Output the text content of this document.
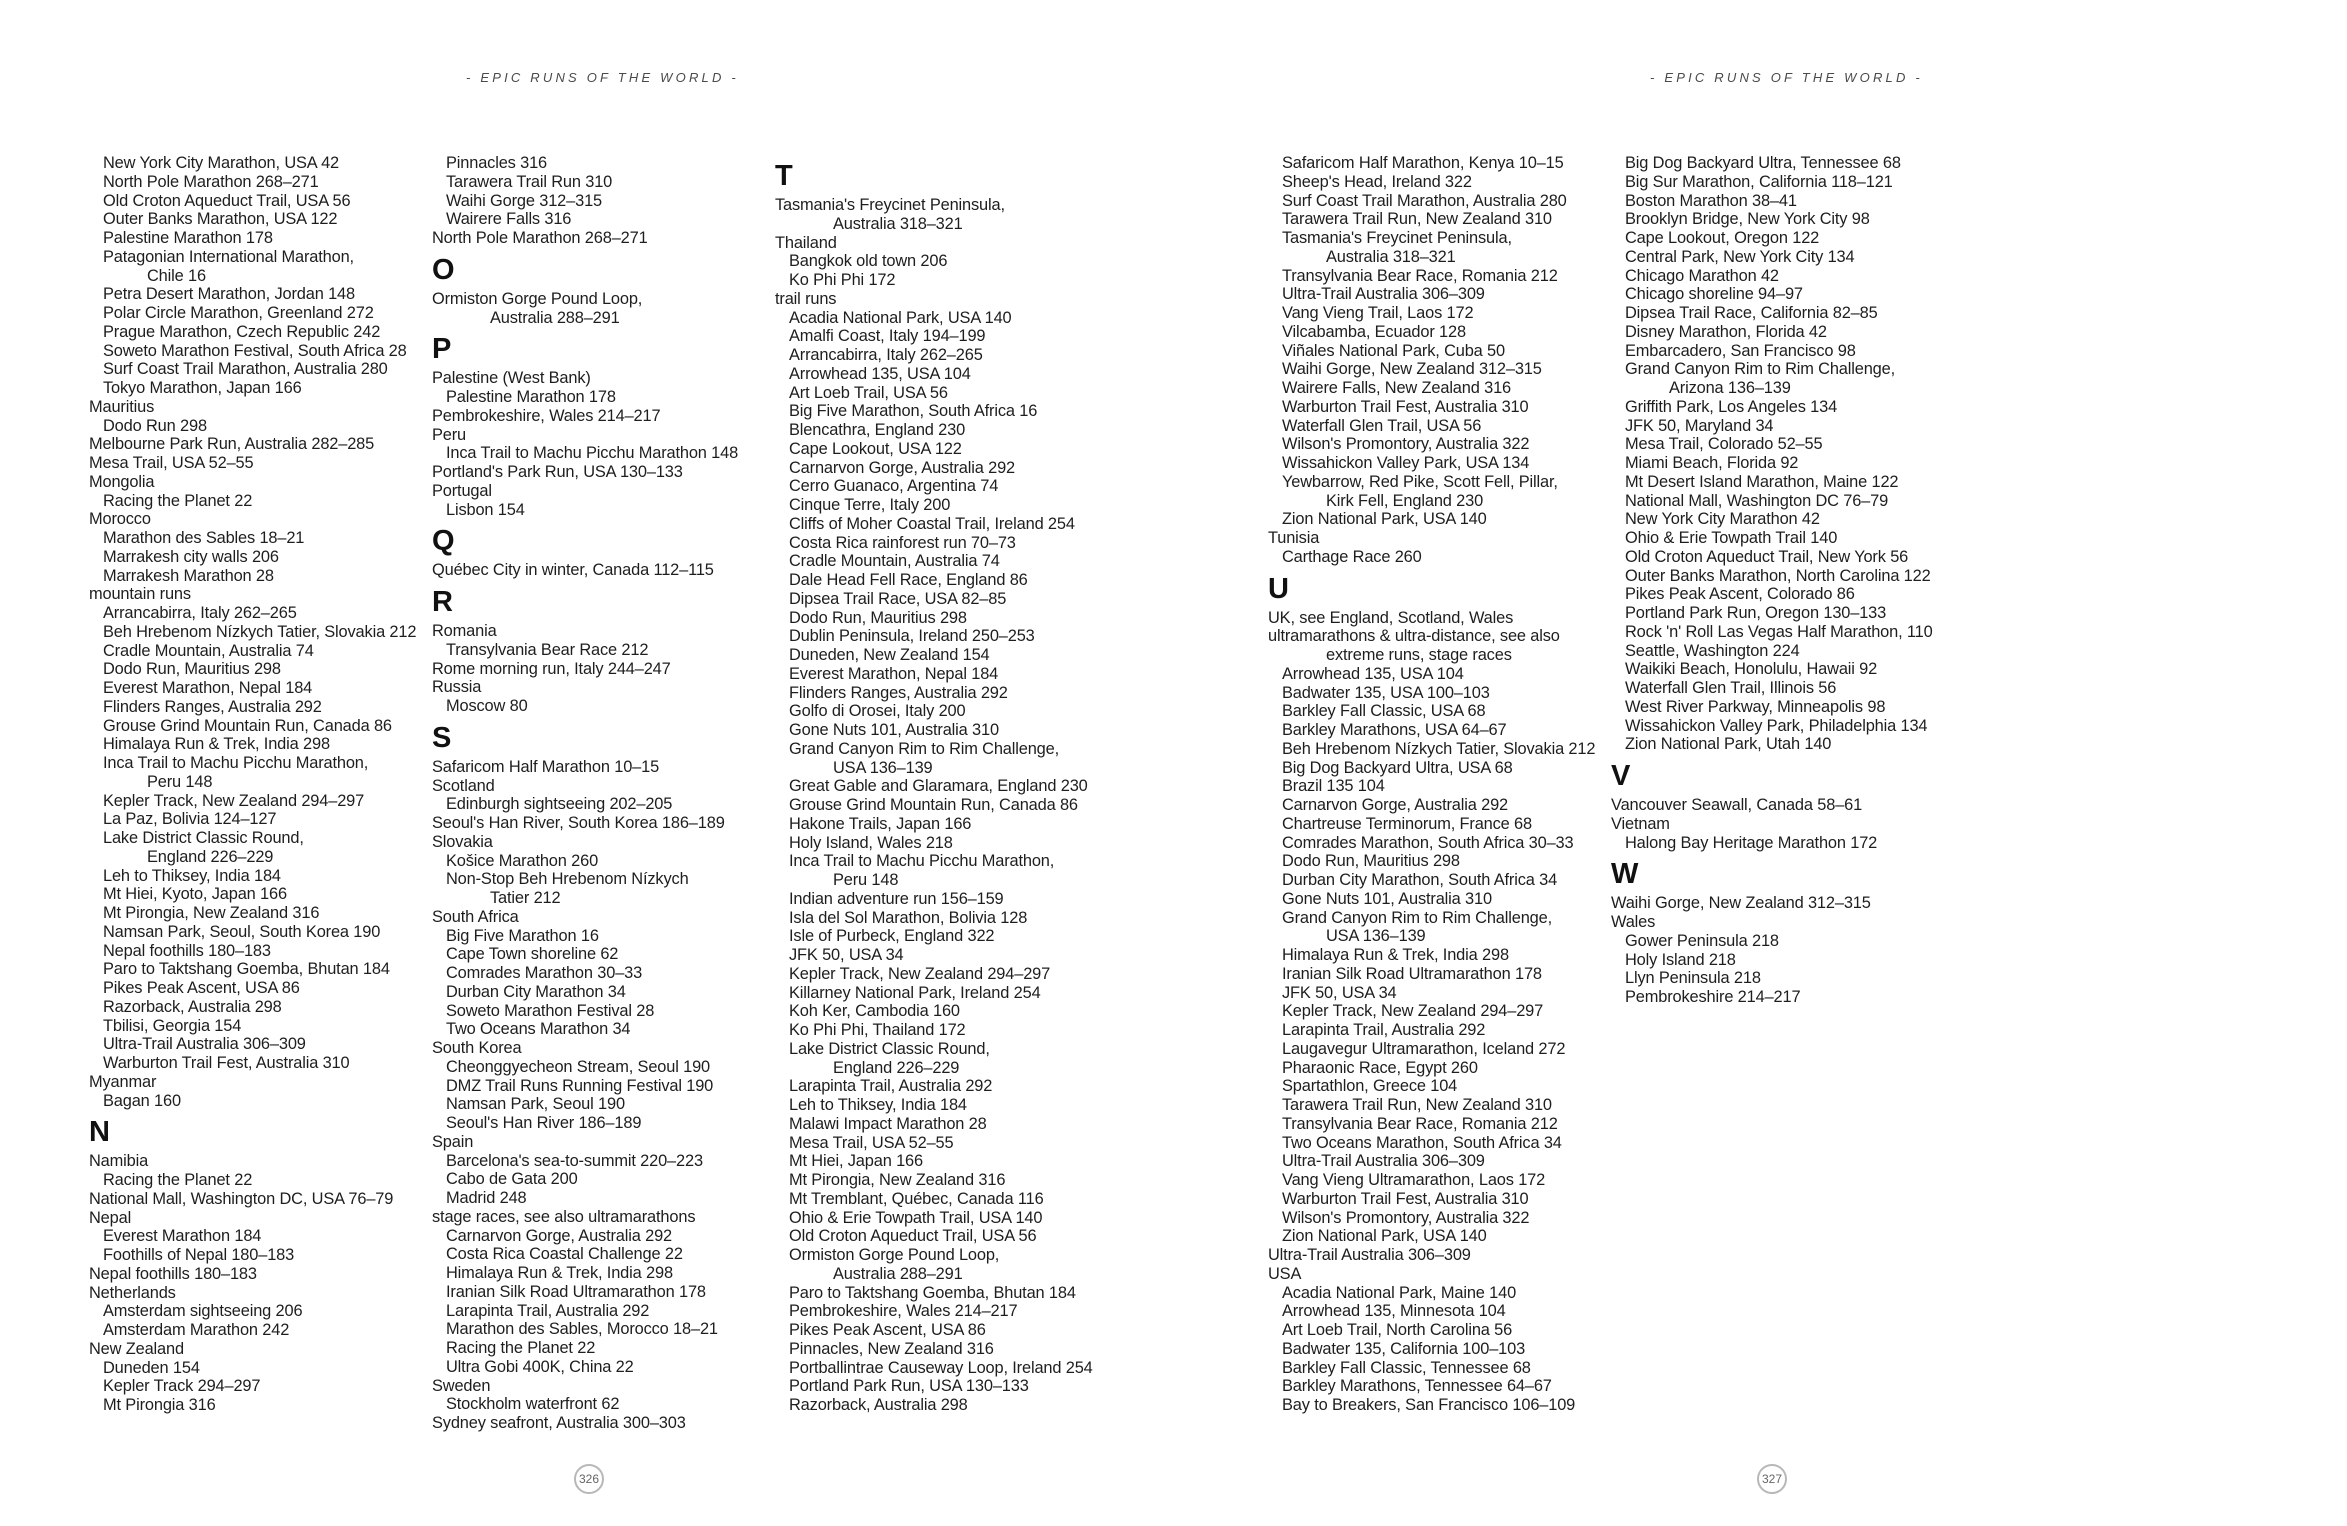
- EPIC RUNS OF THE WORLD -	- EPIC RUNS OF THE WORLD -
New York City Marathon, USA 42
North Pole Marathon 268–271
Old Croton Aqueduct Trail, USA 56
Outer Banks Marathon, USA 122
Palestine Marathon 178
Patagonian International Marathon,
Chile 16
Petra Desert Marathon, Jordan 148
Polar Circle Marathon, Greenland 272
Prague Marathon, Czech Republic 242
Soweto Marathon Festival, South Africa 28
Surf Coast Trail Marathon, Australia 280
Tokyo Marathon, Japan 166
Mauritius
Dodo Run 298
Melbourne Park Run, Australia 282–285
Mesa Trail, USA 52–55
Mongolia
Racing the Planet 22
Morocco
Marathon des Sables 18–21
Marrakesh city walls 206
Marrakesh Marathon 28
mountain runs
Arrancabirra, Italy 262–265
Beh Hrebenom Nízkych Tatier, Slovakia 212
Cradle Mountain, Australia 74
Dodo Run, Mauritius 298
Everest Marathon, Nepal 184
Flinders Ranges, Australia 292
Grouse Grind Mountain Run, Canada 86
Himalaya Run & Trek, India 298
Inca Trail to Machu Picchu Marathon,
Peru 148
Kepler Track, New Zealand 294–297
La Paz, Bolivia 124–127
Lake District Classic Round,
England 226–229
Leh to Thiksey, India 184
Mt Hiei, Kyoto, Japan 166
Mt Pirongia, New Zealand 316
Namsan Park, Seoul, South Korea 190
Nepal foothills 180–183
Paro to Taktshang Goemba, Bhutan 184
Pikes Peak Ascent, USA 86
Razorback, Australia 298
Tbilisi, Georgia 154
Ultra-Trail Australia 306–309
Warburton Trail Fest, Australia 310
Myanmar
Bagan 160
N
Namibia
Racing the Planet 22
National Mall, Washington DC, USA 76–79
Nepal
Everest Marathon 184
Foothills of Nepal 180–183
Nepal foothills 180–183
Netherlands
Amsterdam sightseeing 206
Amsterdam Marathon 242
New Zealand
Duneden 154
Kepler Track 294–297
Mt Pirongia 316
Pinnacles 316
Tarawera Trail Run 310
Waihi Gorge 312–315
Wairere Falls 316
North Pole Marathon 268–271
O
Ormiston Gorge Pound Loop,
Australia 288–291
P
Palestine (West Bank)
Palestine Marathon 178
Pembrokeshire, Wales 214–217
Peru
Inca Trail to Machu Picchu Marathon 148
Portland's Park Run, USA 130–133
Portugal
Lisbon 154
Q
Québec City in winter, Canada 112–115
R
Romania
Transylvania Bear Race 212
Rome morning run, Italy 244–247
Russia
Moscow 80
S
Safaricom Half Marathon 10–15
Scotland
Edinburgh sightseeing 202–205
Seoul's Han River, South Korea 186–189
Slovakia
Košice Marathon 260
Non-Stop Beh Hrebenom Nízkych
Tatier 212
South Africa
Big Five Marathon 16
Cape Town shoreline 62
Comrades Marathon 30–33
Durban City Marathon 34
Soweto Marathon Festival 28
Two Oceans Marathon 34
South Korea
Cheonggyecheon Stream, Seoul 190
DMZ Trail Runs Running Festival 190
Namsan Park, Seoul 190
Seoul's Han River 186–189
Spain
Barcelona's sea-to-summit 220–223
Cabo de Gata 200
Madrid 248
stage races, see also ultramarathons
Carnarvon Gorge, Australia 292
Costa Rica Coastal Challenge 22
Himalaya Run & Trek, India 298
Iranian Silk Road Ultramarathon 178
Larapinta Trail, Australia 292
Marathon des Sables, Morocco 18–21
Racing the Planet 22
Ultra Gobi 400K, China 22
Sweden
Stockholm waterfront 62
Sydney seafront, Australia 300–303
T
Tasmania's Freycinet Peninsula,
Australia 318–321
Thailand
Bangkok old town 206
Ko Phi Phi 172
trail runs
Acadia National Park, USA 140
Amalfi Coast, Italy 194–199
Arrancabirra, Italy 262–265
Arrowhead 135, USA 104
Art Loeb Trail, USA 56
Big Five Marathon, South Africa 16
Blencathra, England 230
Cape Lookout, USA 122
Carnarvon Gorge, Australia 292
Cerro Guanaco, Argentina 74
Cinque Terre, Italy 200
Cliffs of Moher Coastal Trail, Ireland 254
Costa Rica rainforest run 70–73
Cradle Mountain, Australia 74
Dale Head Fell Race, England 86
Dipsea Trail Race, USA 82–85
Dodo Run, Mauritius 298
Dublin Peninsula, Ireland 250–253
Duneden, New Zealand 154
Everest Marathon, Nepal 184
Flinders Ranges, Australia 292
Golfo di Orosei, Italy 200
Gone Nuts 101, Australia 310
Grand Canyon Rim to Rim Challenge,
USA 136–139
Great Gable and Glaramara, England 230
Grouse Grind Mountain Run, Canada 86
Hakone Trails, Japan 166
Holy Island, Wales 218
Inca Trail to Machu Picchu Marathon,
Peru 148
Indian adventure run 156–159
Isla del Sol Marathon, Bolivia 128
Isle of Purbeck, England 322
JFK 50, USA 34
Kepler Track, New Zealand 294–297
Killarney National Park, Ireland 254
Koh Ker, Cambodia 160
Ko Phi Phi, Thailand 172
Lake District Classic Round,
England 226–229
Larapinta Trail, Australia 292
Leh to Thiksey, India 184
Malawi Impact Marathon 28
Mesa Trail, USA 52–55
Mt Hiei, Japan 166
Mt Pirongia, New Zealand 316
Mt Tremblant, Québec, Canada 116
Ohio & Erie Towpath Trail, USA 140
Old Croton Aqueduct Trail, USA 56
Ormiston Gorge Pound Loop,
Australia 288–291
Paro to Taktshang Goemba, Bhutan 184
Pembrokeshire, Wales 214–217
Pikes Peak Ascent, USA 86
Pinnacles, New Zealand 316
Portballintrae Causeway Loop, Ireland 254
Portland Park Run, USA 130–133
Razorback, Australia 298
Safaricom Half Marathon, Kenya 10–15
Sheep's Head, Ireland 322
Surf Coast Trail Marathon, Australia 280
Tarawera Trail Run, New Zealand 310
Tasmania's Freycinet Peninsula,
Australia 318–321
Transylvania Bear Race, Romania 212
Ultra-Trail Australia 306–309
Vang Vieng Trail, Laos 172
Vilcabamba, Ecuador 128
Viñales National Park, Cuba 50
Waihi Gorge, New Zealand 312–315
Wairere Falls, New Zealand 316
Warburton Trail Fest, Australia 310
Waterfall Glen Trail, USA 56
Wilson's Promontory, Australia 322
Wissahickon Valley Park, USA 134
Yewbarrow, Red Pike, Scott Fell, Pillar,
Kirk Fell, England 230
Zion National Park, USA 140
Tunisia
Carthage Race 260
U
UK, see England, Scotland, Wales
ultramarathons & ultra-distance, see also
extreme runs, stage races
Arrowhead 135, USA 104
Badwater 135, USA 100–103
Barkley Fall Classic, USA 68
Barkley Marathons, USA 64–67
Beh Hrebenom Nízkych Tatier, Slovakia 212
Big Dog Backyard Ultra, USA 68
Brazil 135 104
Carnarvon Gorge, Australia 292
Chartreuse Terminorum, France 68
Comrades Marathon, South Africa 30–33
Dodo Run, Mauritius 298
Durban City Marathon, South Africa 34
Gone Nuts 101, Australia 310
Grand Canyon Rim to Rim Challenge,
USA 136–139
Himalaya Run & Trek, India 298
Iranian Silk Road Ultramarathon 178
JFK 50, USA 34
Kepler Track, New Zealand 294–297
Larapinta Trail, Australia 292
Laugavegur Ultramarathon, Iceland 272
Pharaonic Race, Egypt 260
Spartathlon, Greece 104
Tarawera Trail Run, New Zealand 310
Transylvania Bear Race, Romania 212
Two Oceans Marathon, South Africa 34
Ultra-Trail Australia 306–309
Vang Vieng Ultramarathon, Laos 172
Warburton Trail Fest, Australia 310
Wilson's Promontory, Australia 322
Zion National Park, USA 140
Ultra-Trail Australia 306–309
USA
Acadia National Park, Maine 140
Arrowhead 135, Minnesota 104
Art Loeb Trail, North Carolina 56
Badwater 135, California 100–103
Barkley Fall Classic, Tennessee 68
Barkley Marathons, Tennessee 64–67
Bay to Breakers, San Francisco 106–109
Big Dog Backyard Ultra, Tennessee 68
Big Sur Marathon, California 118–121
Boston Marathon 38–41
Brooklyn Bridge, New York City 98
Cape Lookout, Oregon 122
Central Park, New York City 134
Chicago Marathon 42
Chicago shoreline 94–97
Dipsea Trail Race, California 82–85
Disney Marathon, Florida 42
Embarcadero, San Francisco 98
Grand Canyon Rim to Rim Challenge,
Arizona 136–139
Griffith Park, Los Angeles 134
JFK 50, Maryland 34
Mesa Trail, Colorado 52–55
Miami Beach, Florida 92
Mt Desert Island Marathon, Maine 122
National Mall, Washington DC 76–79
New York City Marathon 42
Ohio & Erie Towpath Trail 140
Old Croton Aqueduct Trail, New York 56
Outer Banks Marathon, North Carolina 122
Pikes Peak Ascent, Colorado 86
Portland Park Run, Oregon 130–133
Rock 'n' Roll Las Vegas Half Marathon, 110
Seattle, Washington 224
Waikiki Beach, Honolulu, Hawaii 92
Waterfall Glen Trail, Illinois 56
West River Parkway, Minneapolis 98
Wissahickon Valley Park, Philadelphia 134
Zion National Park, Utah 140
V
Vancouver Seawall, Canada 58–61
Vietnam
Halong Bay Heritage Marathon 172
W
Waihi Gorge, New Zealand 312–315
Wales
Gower Peninsula 218
Holy Island 218
Llyn Peninsula 218
Pembrokeshire 214–217
326	327
